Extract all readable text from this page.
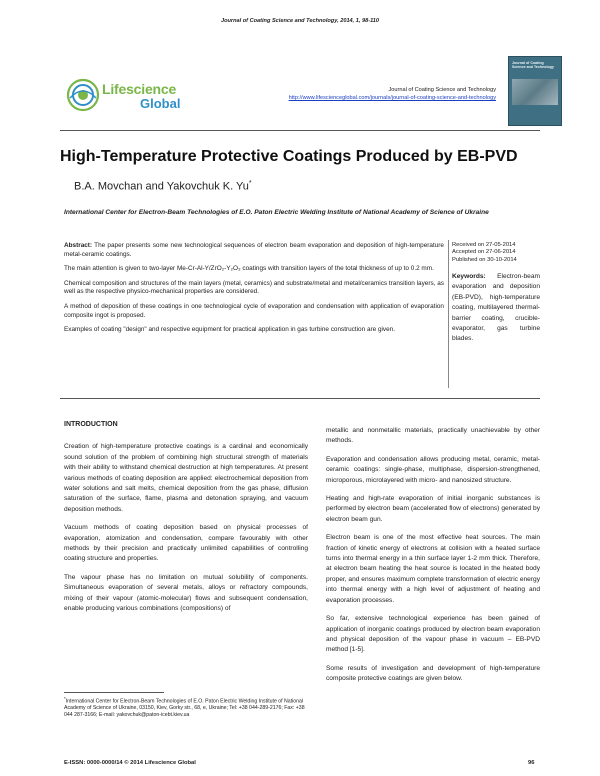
Journal of Coating Science and Technology, 2014, 1, 98-110
Lifescience
Global
Journal of Coating Science and Technology
http://www.lifescienceglobal.com/journals/journal-of-coating-science-and-technology
Journal of Coating Science and Technology
High-Temperature Protective Coatings Produced by EB-PVD
B.A. Movchan and Yakovchuk K. Yu*
International Center for Electron-Beam Technologies of E.O. Paton Electric Welding Institute of National Academy of Science of Ukraine

Abstract: The paper presents some new technological sequences of electron beam evaporation and deposition of high-temperature metal-ceramic coatings.

The main attention is given to two-layer Me-Cr-Al-Y/ZrO₂-Y₂O₃ coatings with transition layers of the total thickness of up to 0.2 mm.

Chemical composition and structures of the main layers (metal, ceramics) and substrate/metal and metal/ceramics transition layers, as well as the respective physico-mechanical properties are considered.

A method of deposition of these coatings in one technological cycle of evaporation and condensation with application of evaporation composite ingot is proposed.

Examples of coating "design" and respective equipment for practical application in gas turbine construction are given.

Received on 27-05-2014
Accepted on 27-06-2014
Published on 30-10-2014
Keywords: Electron-beam evaporation and deposition (EB-PVD), high-temperature coating, multilayered thermal-barrier coating, crucible-evaporator, gas turbine blades.

INTRODUCTION

Creation of high-temperature protective coatings is a cardinal and economically sound solution of the problem of combining high structural strength of materials with their ability to withstand chemical destruction at high temperatures. At present various methods of coating deposition are applied: electrochemical deposition from water solutions and salt melts, chemical deposition from the gas phase, diffusion saturation of the surface, flame, plasma and detonation spraying, and vacuum deposition methods.

Vacuum methods of coating deposition based on physical processes of evaporation, atomization and condensation, compare favourably with other methods by their precision and practically unlimited capabilities of controlling coating structure and properties.

The vapour phase has no limitation on mutual solubility of components. Simultaneous evaporation of several metals, alloys or refractory compounds, mixing of their vapour (atomic-molecular) flows and subsequent condensation, enable producing various combinations (compositions) of

metallic and nonmetallic materials, practically unachievable by other methods.

Evaporation and condensation allows producing metal, ceramic, metal-ceramic coatings: single-phase, multiphase, dispersion-strengthened, microporous, microlayered with micro- and nanosized structure.

Heating and high-rate evaporation of initial inorganic substances is performed by electron beam (accelerated flow of electrons) generated by electron beam gun.

Electron beam is one of the most effective heat sources. The main fraction of kinetic energy of electrons at collision with a heated surface turns into thermal energy in a thin surface layer 1-2 mm thick. Therefore, at electron beam heating the heat source is located in the heated body proper, and ensures maximum complete transformation of electric energy into thermal energy with a high level of adjustment of heating and evaporation processes.

So far, extensive technological experience has been gained of application of inorganic coatings produced by electron beam evaporation and physical deposition of the vapour phase in vacuum – EB-PVD method [1-5].

Some results of investigation and development of high-temperature composite protective coatings are given below.

*International Center for Electron-Beam Technologies of E.O. Paton Electric Welding Institute of National Academy of Science of Ukraine, 03150, Kiev, Gorky str., 68, e, Ukraine; Tel: +38 044-289-2176; Fax: +38 044 287-3166; E-mail: yakovchuk@paton-icebt.kiev.ua
E-ISSN: 0000-0000/14 © 2014 Lifescience Global	96
